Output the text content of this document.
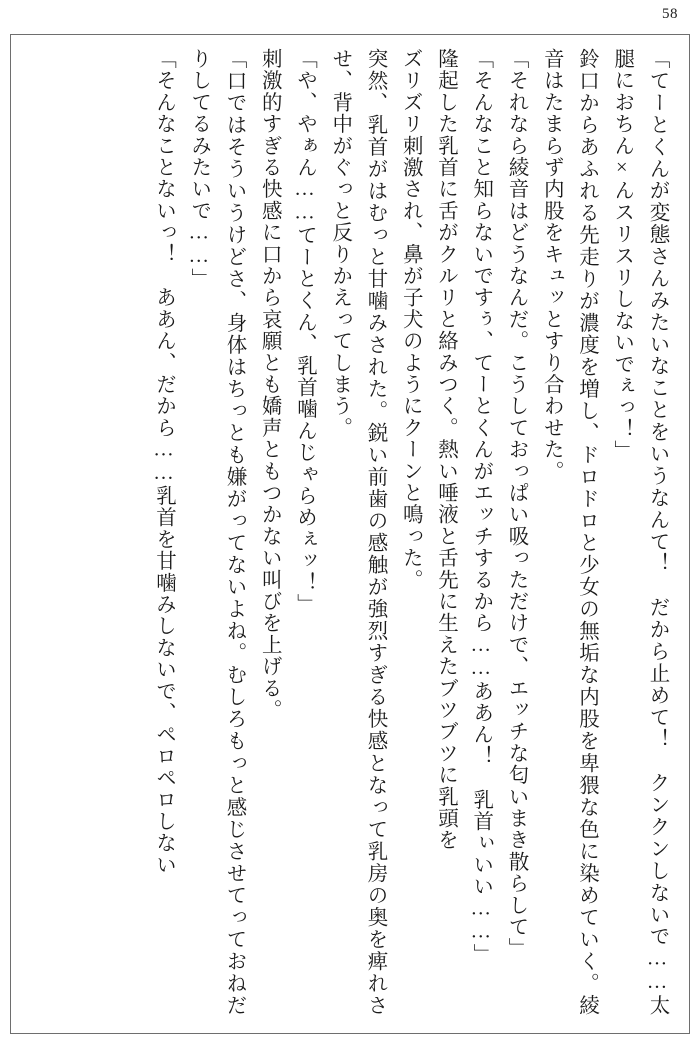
58

「てーとくんが変態さんみたいなことをいうなんて！　だから止めて！　クンクンしないで……太腿におちん×んスリスリしないでぇっ！」

鈴口からあふれる先走りが濃度を増し、ドロドロと少女の無垢な内股を卑猥な色に染めていく。綾音はたまらず内股をキュッとすり合わせた。

「それなら綾音はどうなんだ。こうしておっぱい吸っただけで、エッチな匂いまき散らして」

「そんなこと知らないですぅ、てーとくんがエッチするから……ああん！　乳首ぃいい……」

隆起した乳首に舌がクルリと絡みつく。熱い唾液と舌先に生えたブツブツに乳頭を

ズリズリ刺激され、鼻が子犬のようにクーンと鳴った。

突然、乳首がはむっと甘噛みされた。鋭い前歯の感触が強烈すぎる快感となって乳房の奥を痺れさせ、背中がぐっと反りかえってしまう。

「や、やぁん……てーとくん、乳首噛んじゃらめぇッ！」

刺激的すぎる快感に口から哀願とも嬌声ともつかない叫びを上げる。

「口ではそういうけどさ、身体はちっとも嫌がってないよね。むしろもっと感じさせてっておねだりしてるみたいで……」

「そんなことないっ！　ああん、だから……乳首を甘噛みしないで、ペロペロしない
